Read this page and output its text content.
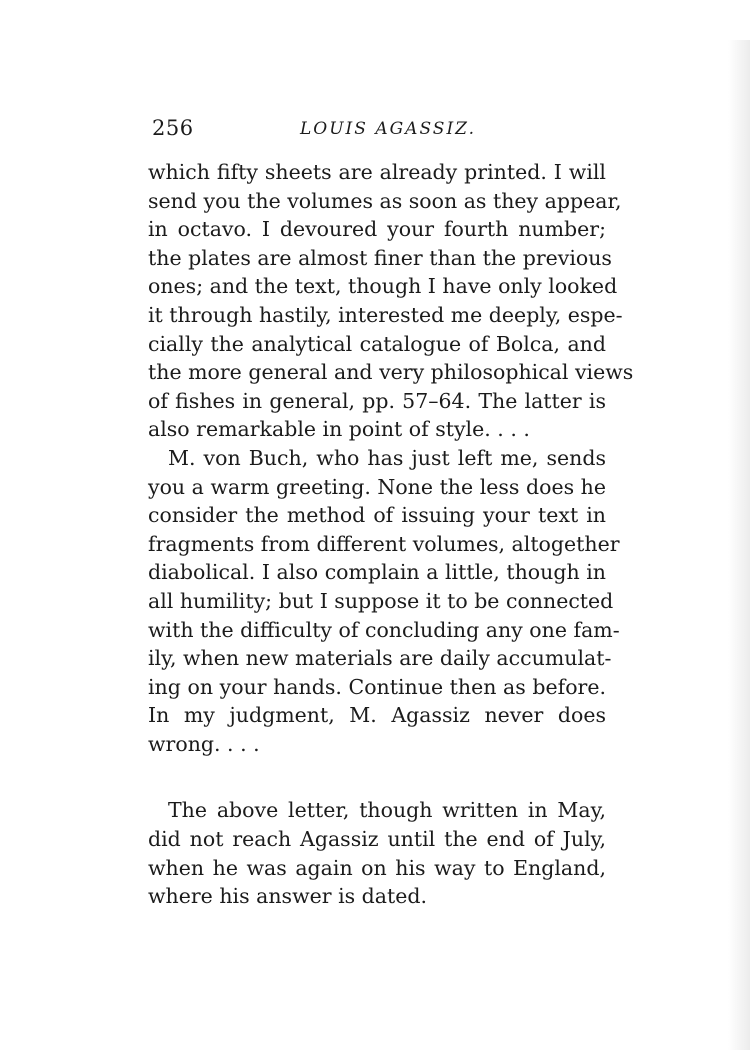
256	LOUIS AGASSIZ.
which fifty sheets are already printed. I will
send you the volumes as soon as they appear,
in octavo. I devoured your fourth number;
the plates are almost finer than the previous
ones; and the text, though I have only looked
it through hastily, interested me deeply, espe-
cially the analytical catalogue of Bolca, and
the more general and very philosophical views
of fishes in general, pp. 57–64. The latter is
also remarkable in point of style. . . .
M. von Buch, who has just left me, sends
you a warm greeting. None the less does he
consider the method of issuing your text in
fragments from different volumes, altogether
diabolical. I also complain a little, though in
all humility; but I suppose it to be connected
with the difficulty of concluding any one fam-
ily, when new materials are daily accumulat-
ing on your hands. Continue then as before.
In my judgment, M. Agassiz never does
wrong. . . .
The above letter, though written in May,
did not reach Agassiz until the end of July,
when he was again on his way to England,
where his answer is dated.
